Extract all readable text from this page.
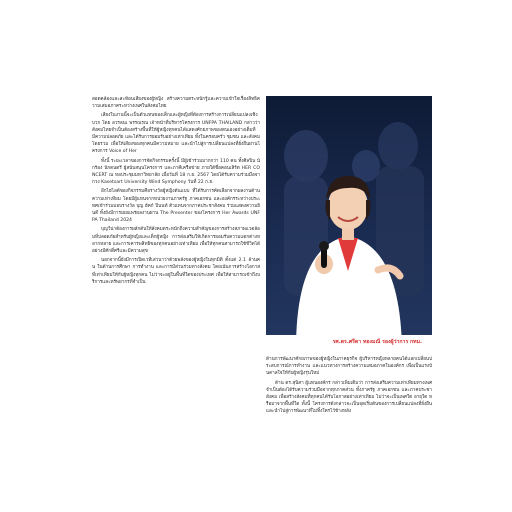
สอดคล้องและสะท้อนเสียงของผู้หญิง สร้างความตระหนักรู้และความเข้าใจเรื่องสิทธิความเสมอภาคระหว่างเพศในสังคมไทย

เสียงในงานนี้จะเป็นตัวแทนของเด็กและผู้หญิงที่ต้องการสร้างการเปลี่ยนแปลงเชิงบวก โดย ลวรลนเ พรรณรณ เจ้าหน้าที่บริหารโครงการ UNFPA THAILAND กล่าวว่า สังคมไทยจำเป็นต้องสร้างพื้นที่ให้ผู้หญิงทุกคนได้แสดงศักยภาพของตนเองอย่างเต็มที่ มีความปลอดภัย และได้รับการยอมรับอย่างเท่าเทียม ทั้งในครอบครัว ชุมชน และสังคมโดยรวม เพื่อให้เสียงของทุกคนมีความหมาย และนำไปสู่การเปลี่ยนแปลงที่ยั่งยืนผ่านโครงการ Voice of Her

ทั้งนี้ ระยะเวลาของการจัดกิจกรรมครั้งนี้ มีผู้เข้าร่วมมากกว่า 110 คน ทั้งศิลปิน นักร้อง นักดนตรี ผู้สนับสนุนโครงการ และภาคีเครือข่าย ภายใต้ชื่อคอนเสิร์ต HER CONCERT ณ หอประชุมมหาวิทยาลัย เมื่อวันที่ 18 ก.ย. 2567 โดยได้รับความร่วมมือจากวง Kasetsart University Wind Symphony วันที่ 22 ก.ย.

อีกไฮไลต์ของกิจกรรมคือรางวัลผู้หญิงต้นแบบ ที่ได้รับการคัดเลือกจากผลงานด้านความเท่าเทียม โดยมีผู้แทนจากหน่วยงานภาครัฐ ภาคเอกชน และองค์กรระหว่างประเทศเข้าร่วมมอบรางวัล บุญ ฮัคก์ ปีนนท์ ตัวแทนจากภาคประชาสังคม ร่วมแสดงความยินดี ทั้งยังมีการเผยแพร่ผลงานผ่าน The Presenter ของโครงการ Her Awards UNFPA Thailand 2024

บุญวีน่าต้องการผลักดันให้สังคมตระหนักถึงความสำคัญของการสร้างสภาพแวดล้อมที่ปลอดภัยสำหรับผู้หญิงและเด็กผู้หญิง การส่งเสริมให้เกิดการยอมรับความแตกต่างหลากหลาย และการเคารพสิทธิของทุกคนอย่างเท่าเทียม เพื่อให้ทุกคนสามารถใช้ชีวิตได้อย่างมีศักดิ์ศรีและมีความสุข

นอกจากนี้ยังมีการเปิดเวทีเสวนาว่าด้วยพลังของผู้หญิงในทุกมิติ ตั้งแต่ 2.1 ล้านคน ในด้านการศึกษา การทำงาน และการมีส่วนร่วมทางสังคม โดยเน้นการสร้างโอกาสที่เท่าเทียมให้กับผู้หญิงทุกคน ไม่ว่าจะอยู่ในพื้นที่ใดของประเทศ เพื่อให้สามารถเข้าถึงบริการและทรัพยากรที่จำเป็น

รศ.ดร.ศรีดา ทองมณี รองผู้ว่าการ กทม.

ด้านการพัฒนาศักยภาพของผู้หญิงในภาคธุรกิจ ผู้บริหารหญิงหลายคนได้แลกเปลี่ยนประสบการณ์การทำงาน และแนวทางการสร้างความเสมอภาคในองค์กร เพื่อเป็นแรงบันดาลใจให้กับผู้หญิงรุ่นใหม่

ด้าน ดร.สุนิสา ผู้แทนองค์กร กล่าวเพิ่มเติมว่า การส่งเสริมความเท่าเทียมทางเพศจำเป็นต้องได้รับความร่วมมือจากทุกภาคส่วน ทั้งภาครัฐ ภาคเอกชน และภาคประชาสังคม เพื่อสร้างสังคมที่ทุกคนได้รับโอกาสอย่างเท่าเทียม ไม่ว่าจะเป็นเพศใด อายุใด หรือมาจากพื้นที่ใด ทั้งนี้ โครงการดังกล่าวจะเป็นจุดเริ่มต้นของการเปลี่ยนแปลงที่ยั่งยืน และนำไปสู่การพัฒนาที่ไม่ทิ้งใครไว้ข้างหลัง
